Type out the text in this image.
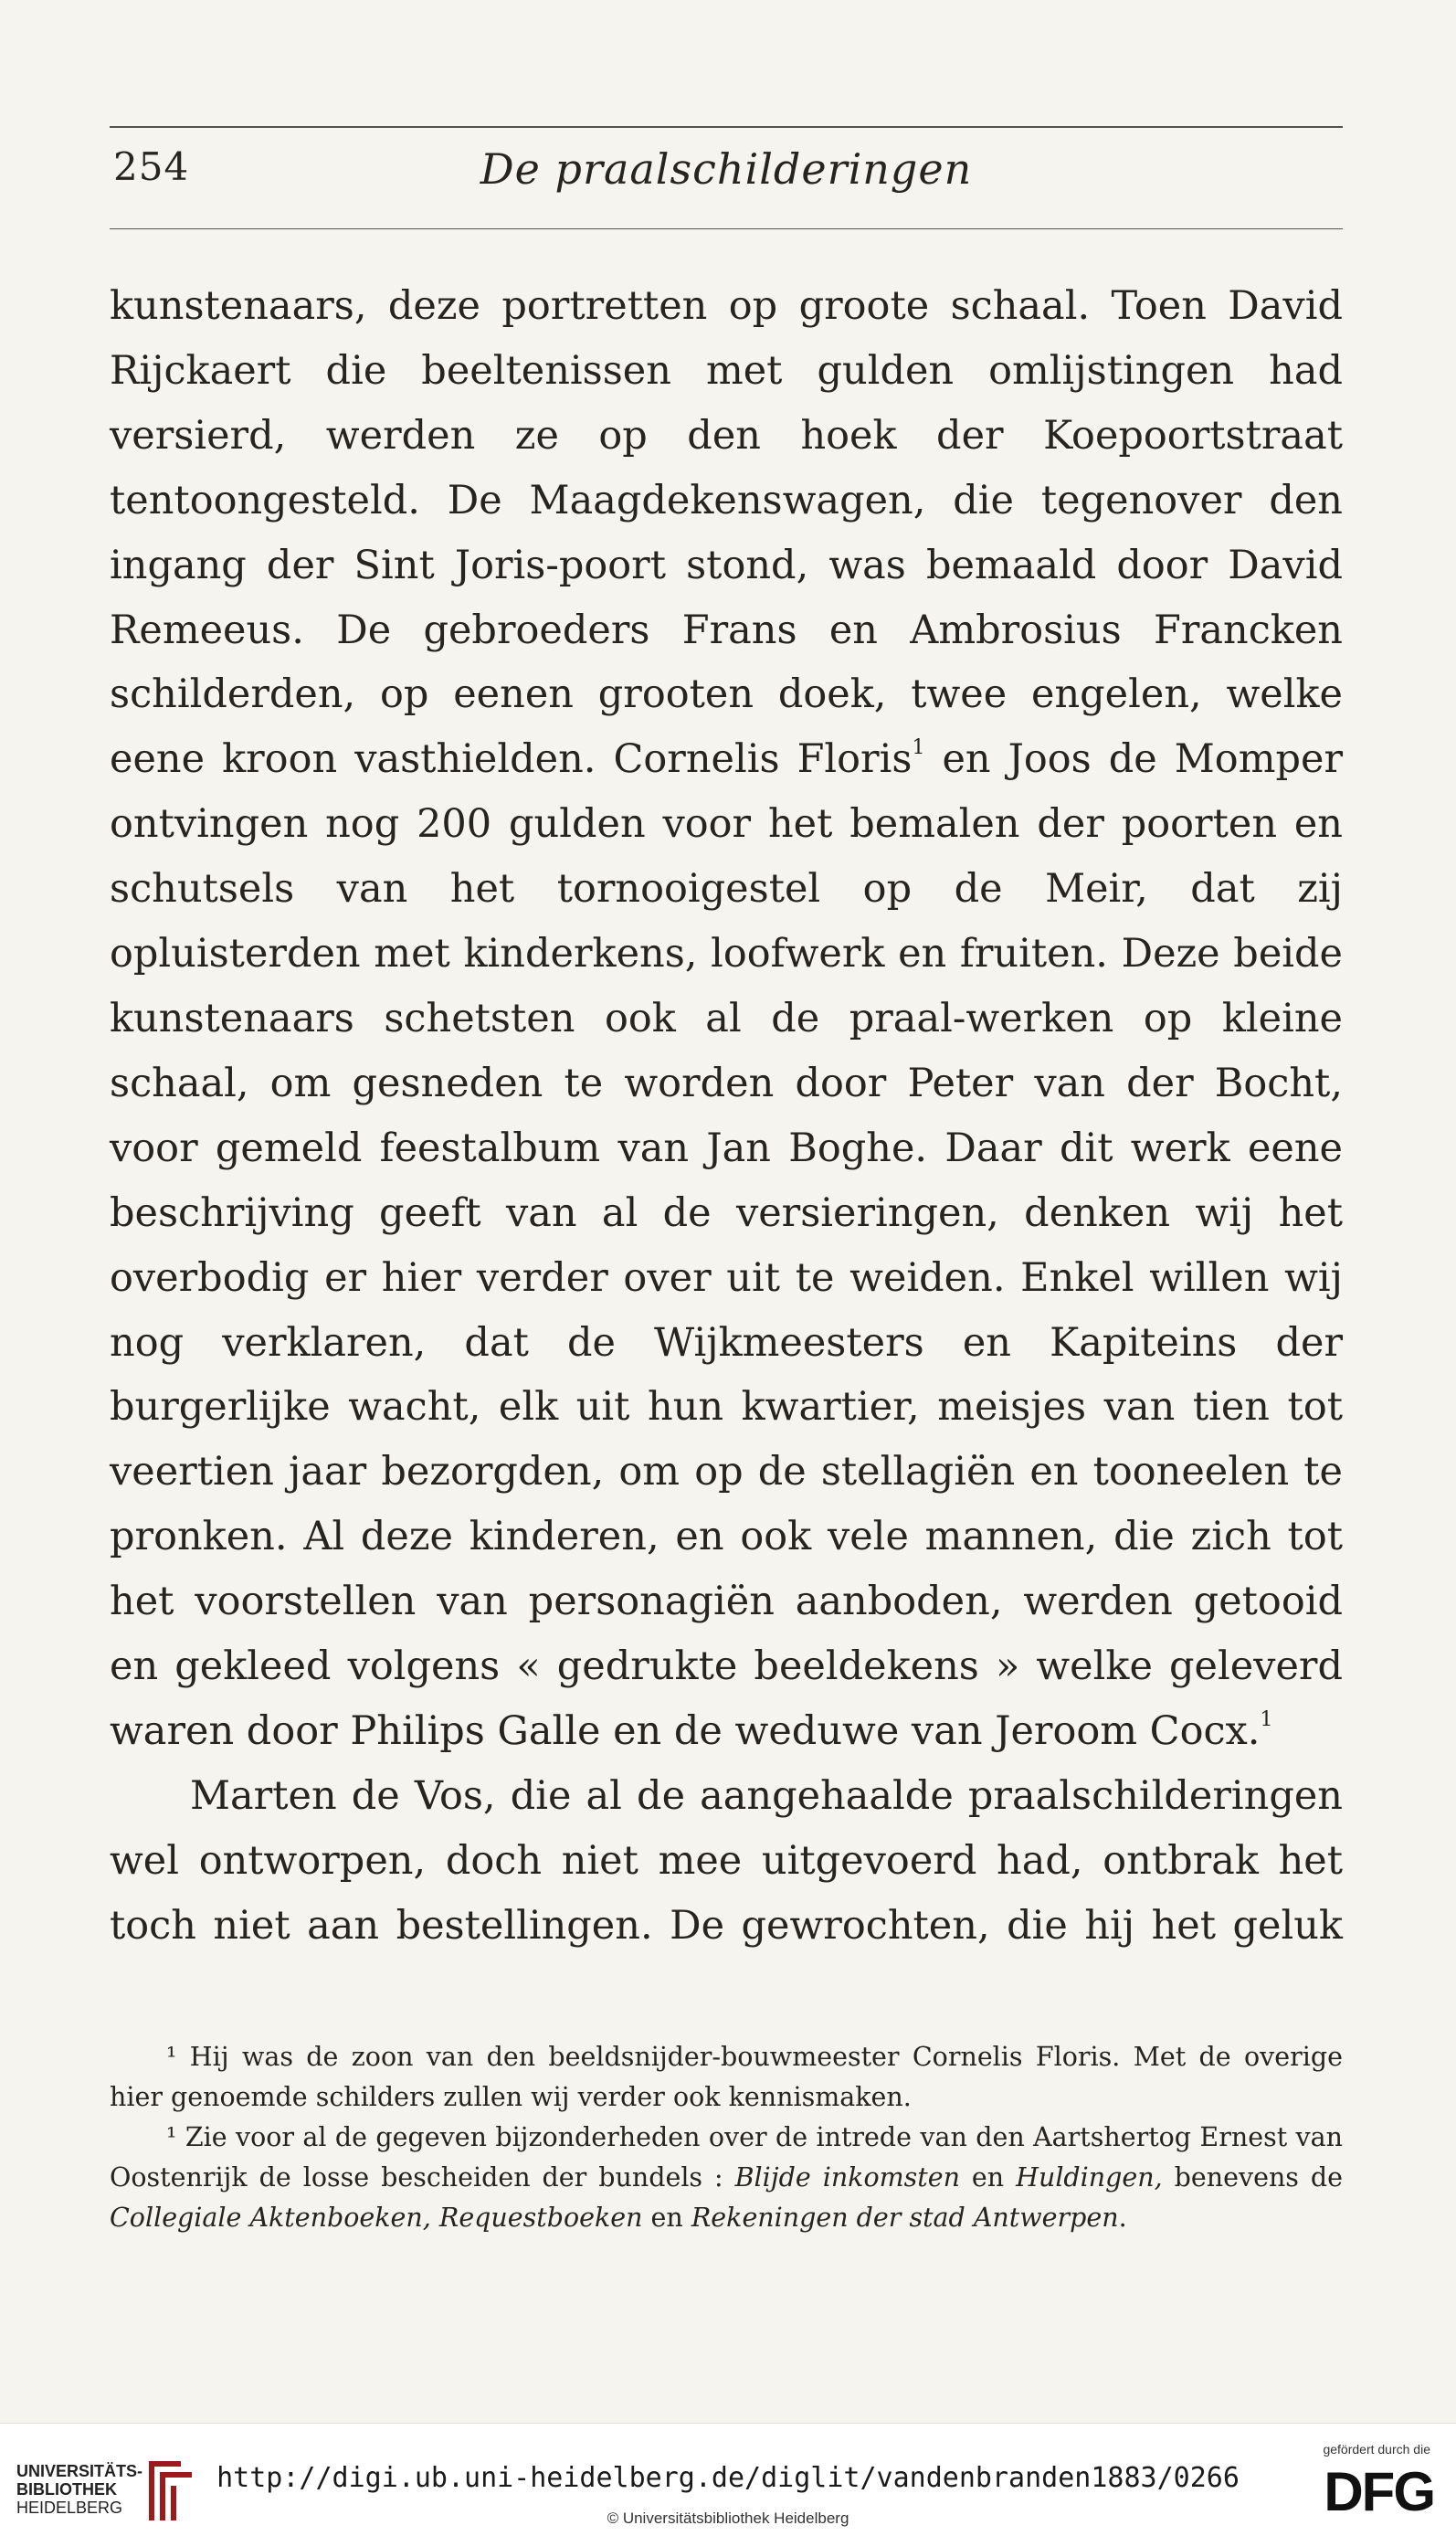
254	De praalschilderingen

kunstenaars, deze portretten op groote schaal. Toen David Rijckaert die beeltenissen met gulden omlijstingen had versierd, werden ze op den hoek der Koepoortstraat tentoongesteld. De Maagdekenswagen, die tegenover den ingang der Sint Joris-poort stond, was bemaald door David Remeeus. De gebroeders Frans en Ambrosius Francken schilderden, op eenen grooten doek, twee engelen, welke eene kroon vasthielden. Cornelis Floris$^1$ en Joos de Momper ontvingen nog 200 gulden voor het bemalen der poorten en schutsels van het tornooigestel op de Meir, dat zij opluisterden met kinderkens, loofwerk en fruiten. Deze beide kunstenaars schetsten ook al de praal-werken op kleine schaal, om gesneden te worden door Peter van der Bocht, voor gemeld feestalbum van Jan Boghe. Daar dit werk eene beschrijving geeft van al de versieringen, denken wij het overbodig er hier verder over uit te weiden. Enkel willen wij nog verklaren, dat de Wijkmeesters en Kapiteins der burgerlijke wacht, elk uit hun kwartier, meisjes van tien tot veertien jaar bezorgden, om op de stellagiën en tooneelen te pronken. Al deze kinderen, en ook vele mannen, die zich tot het voorstellen van personagiën aanboden, werden getooid en gekleed volgens « gedrukte beeldekens » welke geleverd waren door Philips Galle en de weduwe van Jeroom Cocx.$^1$

Marten de Vos, die al de aangehaalde praalschilderingen wel ontworpen, doch niet mee uitgevoerd had, ontbrak het toch niet aan bestellingen. De gewrochten, die hij het geluk

¹ Hij was de zoon van den beeldsnijder-bouwmeester Cornelis Floris. Met de overige hier genoemde schilders zullen wij verder ook kennismaken.

¹ Zie voor al de gegeven bijzonderheden over de intrede van den Aartshertog Ernest van Oostenrijk de losse bescheiden der bundels : Blijde inkomsten en Huldingen, benevens de Collegiale Aktenboeken, Requestboeken en Rekeningen der stad Antwerpen.

UNIVERSITÄTS-
BIBLIOTHEK
HEIDELBERG
http://digi.ub.uni-heidelberg.de/diglit/vandenbranden1883/0266
© Universitätsbibliothek Heidelberg
gefördert durch die
DFG
